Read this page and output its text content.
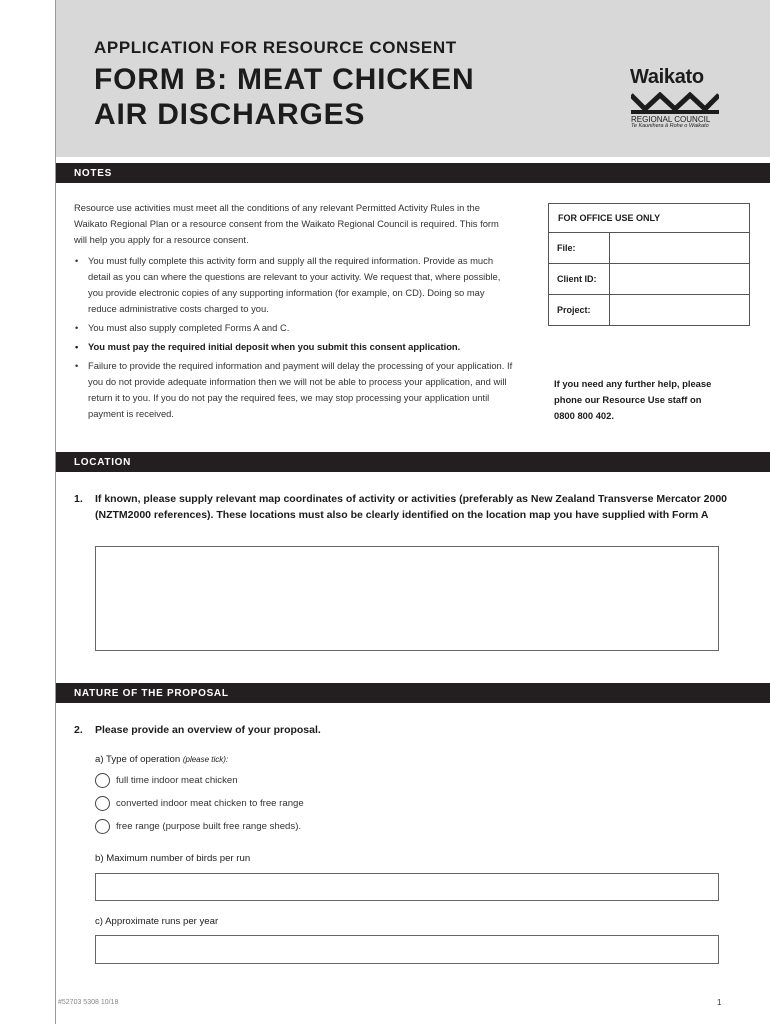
APPLICATION FOR RESOURCE CONSENT
FORM B: MEAT CHICKEN
AIR DISCHARGES
Waikato
REGIONAL COUNCIL
Te Kaunihera ā Rohe o Waikato
NOTES

Resource use activities must meet all the conditions of any relevant Permitted Activity Rules in the Waikato Regional Plan or a resource consent from the Waikato Regional Council is required. This form will help you apply for a resource consent.

• You must fully complete this activity form and supply all the required information. Provide as much detail as you can where the questions are relevant to your activity. We request that, where possible, you provide electronic copies of any supporting information (for example, on CD). Doing so may reduce administrative costs charged to you.
• You must also supply completed Forms A and C.
• You must pay the required initial deposit when you submit this consent application.
• Failure to provide the required information and payment will delay the processing of your application. If you do not provide adequate information then we will not be able to process your application, and will return it to you. If you do not pay the required fees, we may stop processing your application until payment is received.
FOR OFFICE USE ONLY
File:
Client ID:
Project:
If you need any further help, please phone our Resource Use staff on 0800 800 402.
LOCATION
1. If known, please supply relevant map coordinates of activity or activities (preferably as New Zealand Transverse Mercator 2000 (NZTM2000 references). These locations must also be clearly identified on the location map you have supplied with Form A
NATURE OF THE PROPOSAL
2. Please provide an overview of your proposal.
a) Type of operation (please tick):
full time indoor meat chicken
converted indoor meat chicken to free range
free range (purpose built free range sheds).
b) Maximum number of birds per run
c) Approximate runs per year
#52703 5308 10/18	1
